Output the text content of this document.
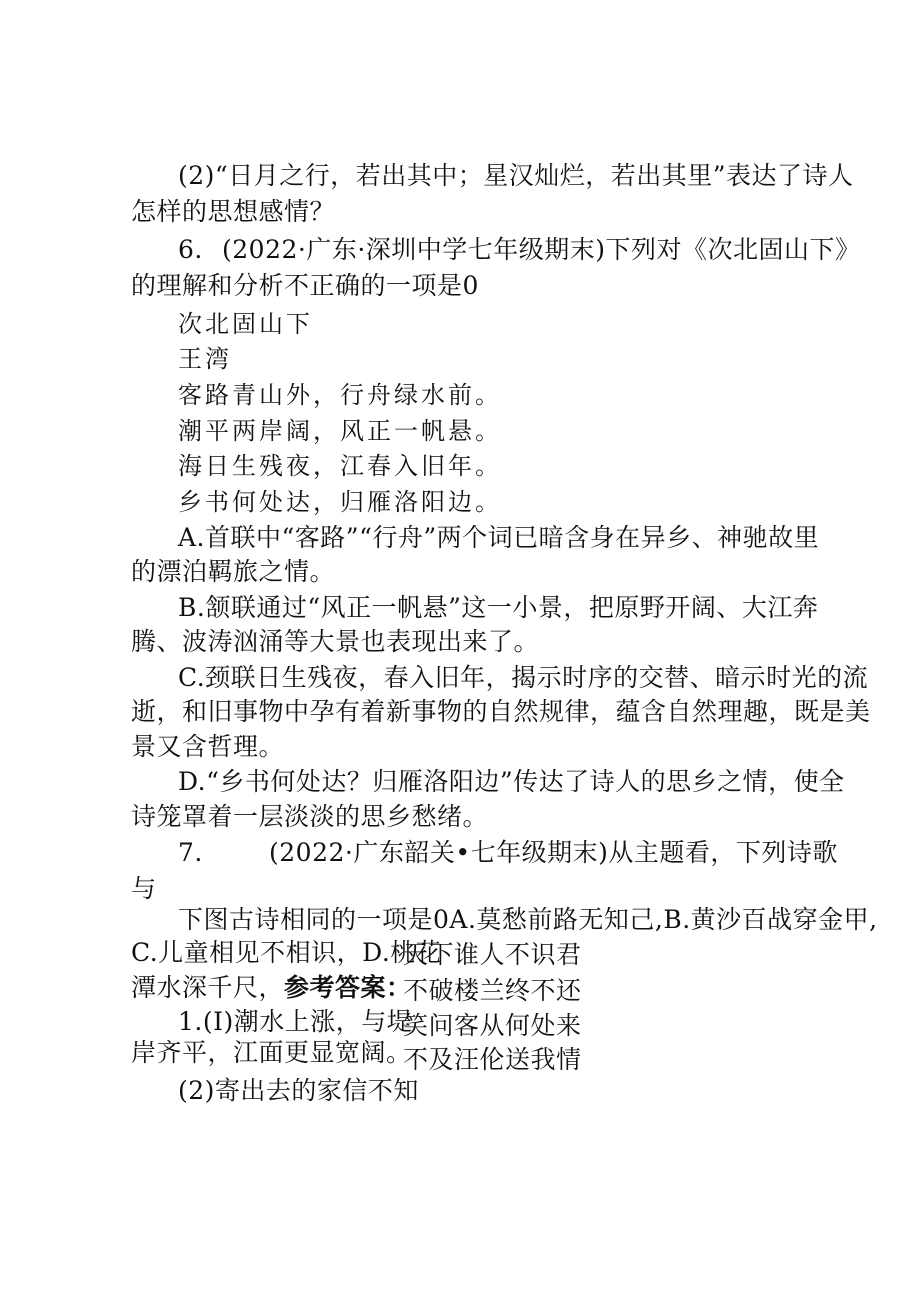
(2)“日月之行，若出其中；星汉灿烂，若出其里”表达了诗人
怎样的思想感情？
6. (2022·广东·深圳中学七年级期末)下列对《次北固山下》
的理解和分析不正确的一项是0
次北固山下
王湾
客路青山外，行舟绿水前。
潮平两岸阔，风正一帆悬。
海日生残夜，江春入旧年。
乡书何处达，归雁洛阳边。
A.首联中“客路”“行舟”两个词已暗含身在异乡、神驰故里
的漂泊羁旅之情。
B.颔联通过“风正一帆悬”这一小景，把原野开阔、大江奔
腾、波涛汹涌等大景也表现出来了。
C.颈联日生残夜，春入旧年，揭示时序的交替、暗示时光的流
逝，和旧事物中孕有着新事物的自然规律，蕴含自然理趣，既是美
景又含哲理。
D.“乡书何处达？归雁洛阳边”传达了诗人的思乡之情，使全
诗笼罩着一层淡淡的思乡愁绪。
7.	(2022·广东韶关•七年级期末)从主题看，下列诗歌
与
下图古诗相同的一项是0A.莫愁前路无知己,B.黄沙百战穿金甲,
C.儿童相见不相识，D.桃花
潭水深千尺，参考答案：
1.(I)潮水上涨，与堤
岸齐平，江面更显宽阔。
(2)寄出去的家信不知
天下谁人不识君
不破楼兰终不还
笑问客从何处来
不及汪伦送我情
